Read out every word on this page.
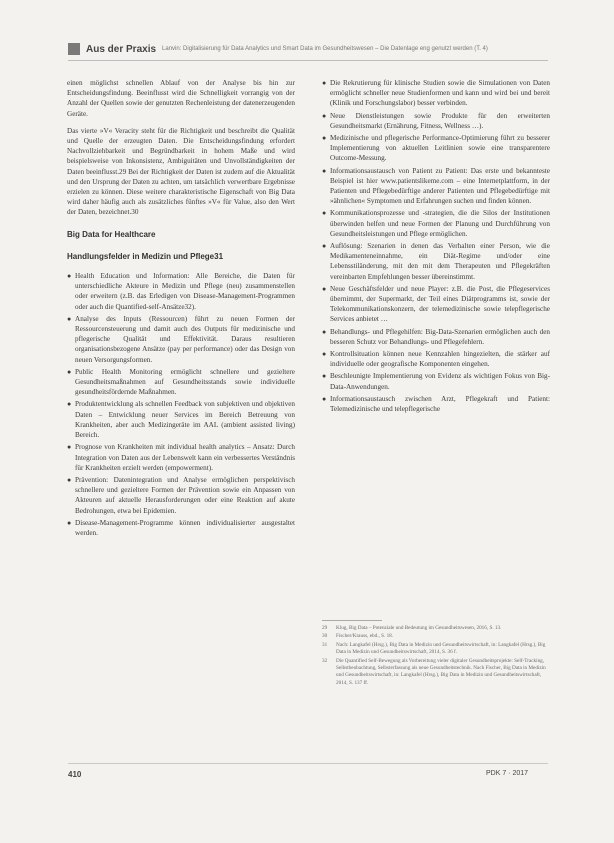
Aus der Praxis Lanvin: Digitalisierung für Data Analytics und Smart Data im Gesundheitswesen – Die Datenlage eng genutzt werden (T. 4)

einen möglichst schnellen Ablauf von der Analyse bis hin zur Entscheidungsfindung. Beeinflusst wird die Schnelligkeit vorrangig von der Anzahl der Quellen sowie der genutzten Rechenleistung der datenerzeugenden Geräte.

Das vierte »V« Veracity steht für die Richtigkeit und beschreibt die Qualität und Quelle der erzeugten Daten. Die Entscheidungsfindung erfordert Nachvollziehbarkeit und Begründbarkeit in hohem Maße und wird beispielsweise von Inkonsistenz, Ambiguitäten und Unvollständigkeiten der Daten beeinflusst.29 Bei der Richtigkeit der Daten ist zudem auf die Aktualität und den Ursprung der Daten zu achten, um tatsächlich verwertbare Ergebnisse erzielen zu können. Diese weitere charakteristische Eigenschaft von Big Data wird daher häufig auch als zusätzliches fünftes »V« für Value, also den Wert der Daten, bezeichnet.30

Big Data for Healthcare
Handlungsfelder in Medizin und Pflege31
● Health Education und Information: Alle Bereiche, die Daten für unterschiedliche Akteure in Medizin und Pflege (neu) zusammenstellen oder erweitern (z.B. das Erledigen von Disease-Management-Programmen oder auch die Quantified-self-Ansätze32).
● Analyse des Inputs (Ressourcen) führt zu neuen Formen der Ressourcensteuerung und damit auch des Outputs für medizinische und pflegerische Qualität und Effektivität. Daraus resultieren organisationsbezogene Ansätze (pay per performance) oder das Design von neuen Versorgungsformen.
● Public Health Monitoring ermöglicht schnellere und gezieltere Gesundheitsmaßnahmen auf Gesundheitsstands sowie individuelle gesundheitsfördernde Maßnahmen.
● Produktentwicklung als schnellen Feedback von subjektiven und objektiven Daten – Entwicklung neuer Services im Bereich Betreuung von Krankheiten, aber auch Medizingeräte im AAL (ambient assisted living) Bereich.
● Prognose von Krankheiten mit individual health analytics – Ansatz: Durch Integration von Daten aus der Lebenswelt kann ein verbessertes Verständnis für Krankheiten erzielt werden (empowerment).
● Prävention: Datenintegration und Analyse ermöglichen perspektivisch schnellere und gezieltere Formen der Prävention sowie ein Anpassen von Akteuren auf aktuelle Herausforderungen oder eine Reaktion auf akute Bedrohungen, etwa bei Epidemien.
● Disease-Management-Programme können individualisierter ausgestaltet werden.
● Die Rekrutierung für klinische Studien sowie die Simulationen von Daten ermöglicht schneller neue Studienformen und kann und wird bei und bereit (Klinik und Forschungslabor) besser verbinden.
● Neue Dienstleistungen sowie Produkte für den erweiterten Gesundheitsmarkt (Ernährung, Fitness, Wellness …).
● Medizinische und pflegerische Performance-Optimierung führt zu besserer Implementierung von aktuellen Leitlinien sowie eine transparentere Outcome-Messung.
● Informationsaustausch von Patient zu Patient: Das erste und bekannteste Beispiel ist hier www.patientslikeme.com – eine Internetplattform, in der Patienten und Pflegebedürftige anderer Patienten und Pflegebedürftige mit »ähnlichen« Symptomen und Erfahrungen suchen und finden können.
● Kommunikationsprozesse und -strategien, die die Silos der Institutionen überwinden helfen und neue Formen der Planung und Durchführung von Gesundheitsleistungen und Pflege ermöglichen.
● Auflösung: Szenarien in denen das Verhalten einer Person, wie die Medikamenteneinnahme, ein Diät-Regime und/oder eine Lebensstiländerung, mit den mit dem Therapeuten und Pflegekräften vereinbarten Empfehlungen besser übereinstimmt.
● Neue Geschäftsfelder und neue Player: z.B. die Post, die Pflegeservices übernimmt, der Supermarkt, der Teil eines Diätprogramms ist, sowie der Telekommunikationskonzern, der telemedizinische sowie telepflegerische Services anbietet …
● Behandlungs- und Pflegehilfen: Big-Data-Szenarien ermöglichen auch den besseren Schutz vor Behandlungs- und Pflegefehlern.
● Kontrollsituation können neue Kennzahlen hingezielten, die stärker auf individuelle oder geografische Komponenten eingehen.
● Beschleunigte Implementierung von Evidenz als wichtigen Fokus von Big-Data-Anwendungen.
● Informationsaustausch zwischen Arzt, Pflegekraft und Patient: Telemedizinische und telepflegerische
29	Klug, Big Data – Potenziale und Bedeutung im Gesundheitswesen, 2016, S. 13.
30	Fischer/Krauss, ebd., S. 18.
31	Nach: Langkafel (Hrsg.), Big Data in Medizin und Gesundheitswirtschaft, in: Langkafel (Hrsg.), Big Data in Medizin und Gesundheitswirtschaft, 2014, S. 36 f.
32	Die Quantified Self-Bewegung als Vorbereitung vieler digitaler Gesundheitsprojekte: Self-Tracking, Selbstbeobachtung, Selbsterfassung als neue Gesundheitstechnik. Nach Fischer, Big Data in Medizin und Gesundheitswirtschaft, in: Langkafel (Hrsg.), Big Data in Medizin und Gesundheitswirtschaft, 2014, S. 137 ff.
410	PDK 7 · 2017
